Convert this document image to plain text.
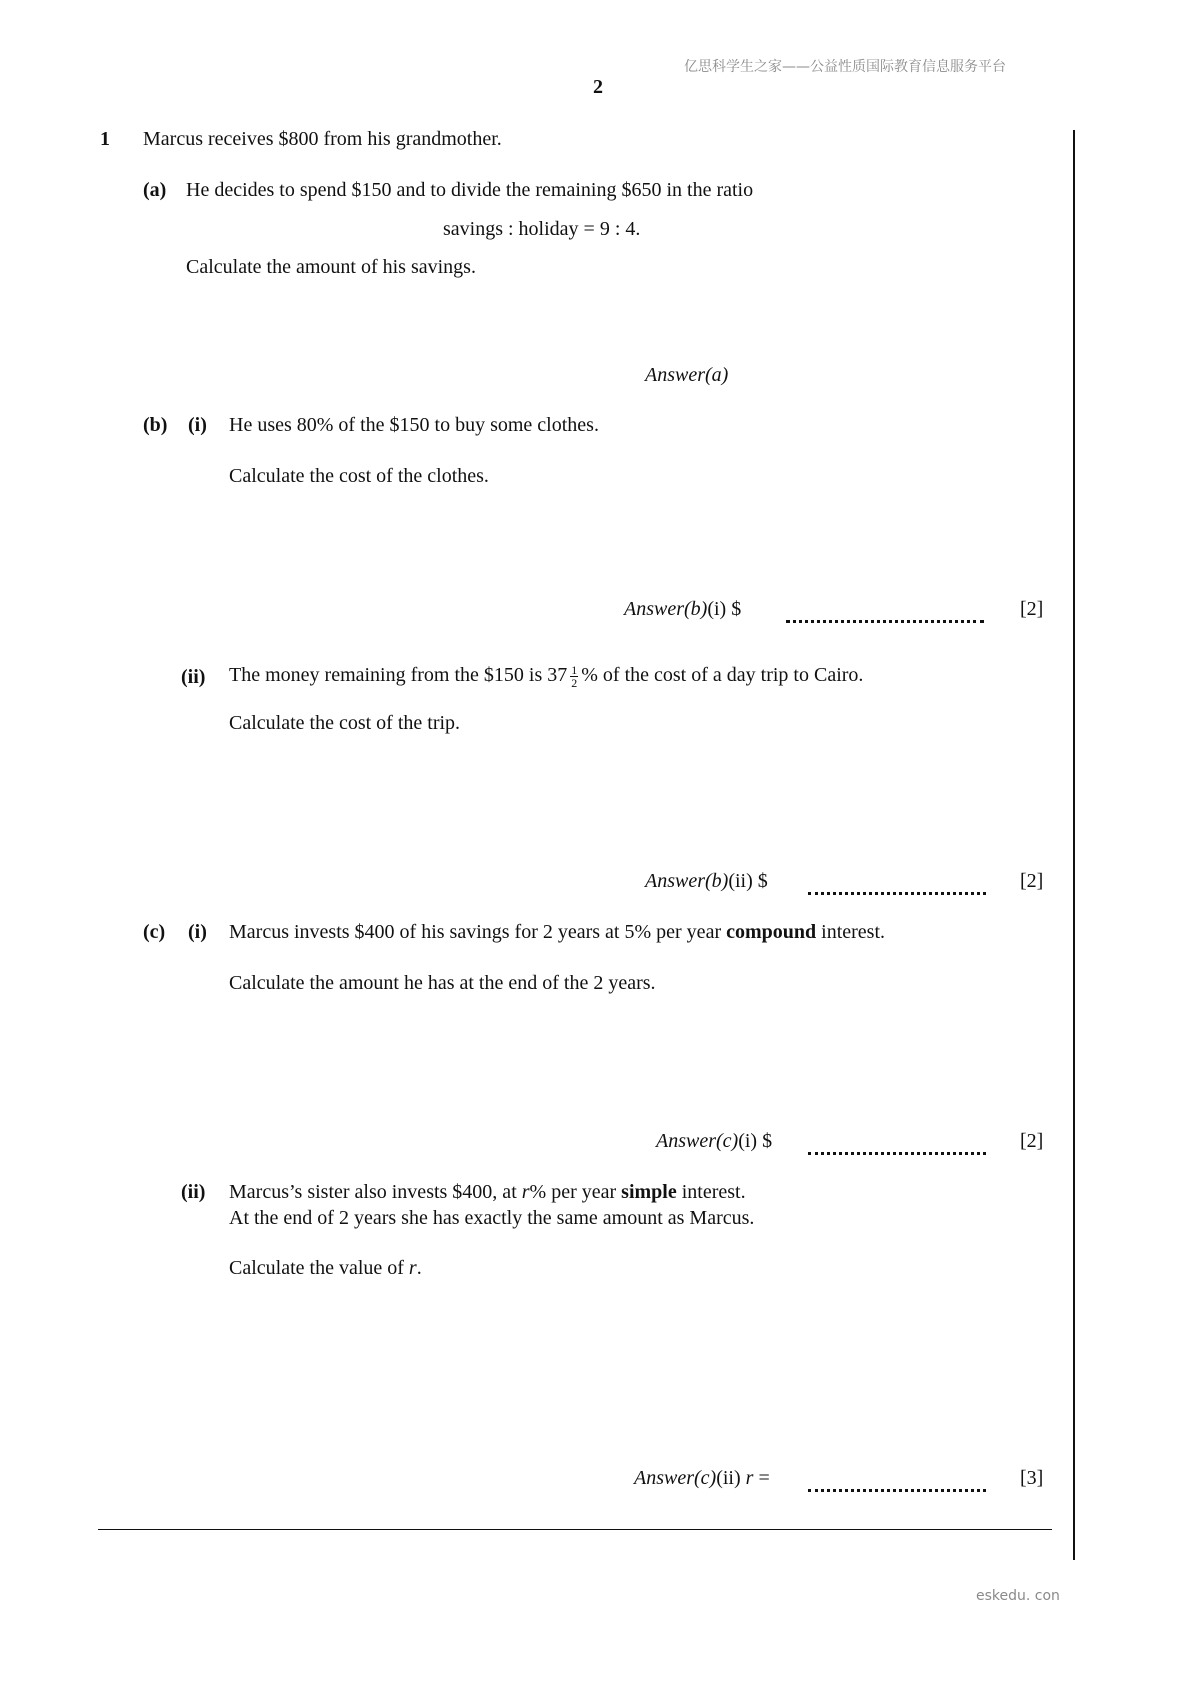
亿思科学生之家——公益性质国际教育信息服务平台
2
1 Marcus receives $800 from his grandmother.
(a) He decides to spend $150 and to divide the remaining $650 in the ratio
savings : holiday = 9 : 4.
Calculate the amount of his savings.
Answer(a)
(b) (i) He uses 80% of the $150 to buy some clothes.
Calculate the cost of the clothes.
Answer(b)(i) $	[2]
(ii) The money remaining from the $150 is $37 \frac{1}{2}$ % of the cost of a day trip to Cairo.
Calculate the cost of the trip.
Answer(b)(ii) $	[2]
(c) (i) Marcus invests $400 of his savings for 2 years at 5% per year compound interest.
Calculate the amount he has at the end of the 2 years.
Answer(c)(i) $	[2]
(ii) Marcus’s sister also invests $400, at r% per year simple interest.
At the end of 2 years she has exactly the same amount as Marcus.
Calculate the value of r.
Answer(c)(ii) r =	[3]
eskedu. con
